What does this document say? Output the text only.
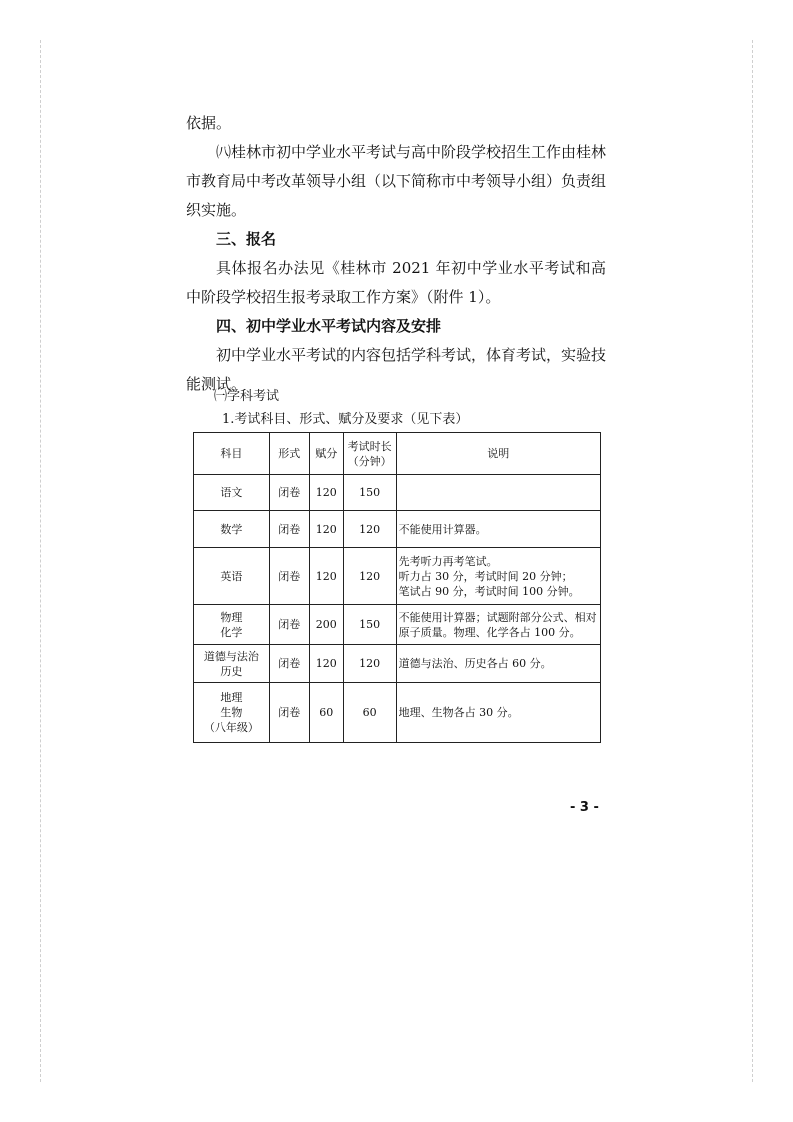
依据。

㈧桂林市初中学业水平考试与高中阶段学校招生工作由桂林市教育局中考改革领导小组（以下简称市中考领导小组）负责组织实施。

三、报名

具体报名办法见《桂林市 2021 年初中学业水平考试和高中阶段学校招生报考录取工作方案》（附件 1）。

四、初中学业水平考试内容及安排

初中学业水平考试的内容包括学科考试，体育考试，实验技能测试。

㈠学科考试

1.考试科目、形式、赋分及要求（见下表）

科目	形式	赋分	考试时长（分钟）	说明
语文	闭卷	120	150	
数学	闭卷	120	120	不能使用计算器。
英语	闭卷	120	120	先考听力再考笔试。
听力占 30 分，考试时间 20 分钟；
笔试占 90 分，考试时间 100 分钟。
物理
化学	闭卷	200	150	不能使用计算器；试题附部分公式、相对原子质量。物理、化学各占 100 分。
道德与法治
历史	闭卷	120	120	道德与法治、历史各占 60 分。
地理
生物
（八年级）	闭卷	60	60	地理、生物各占 30 分。
- 3 -
